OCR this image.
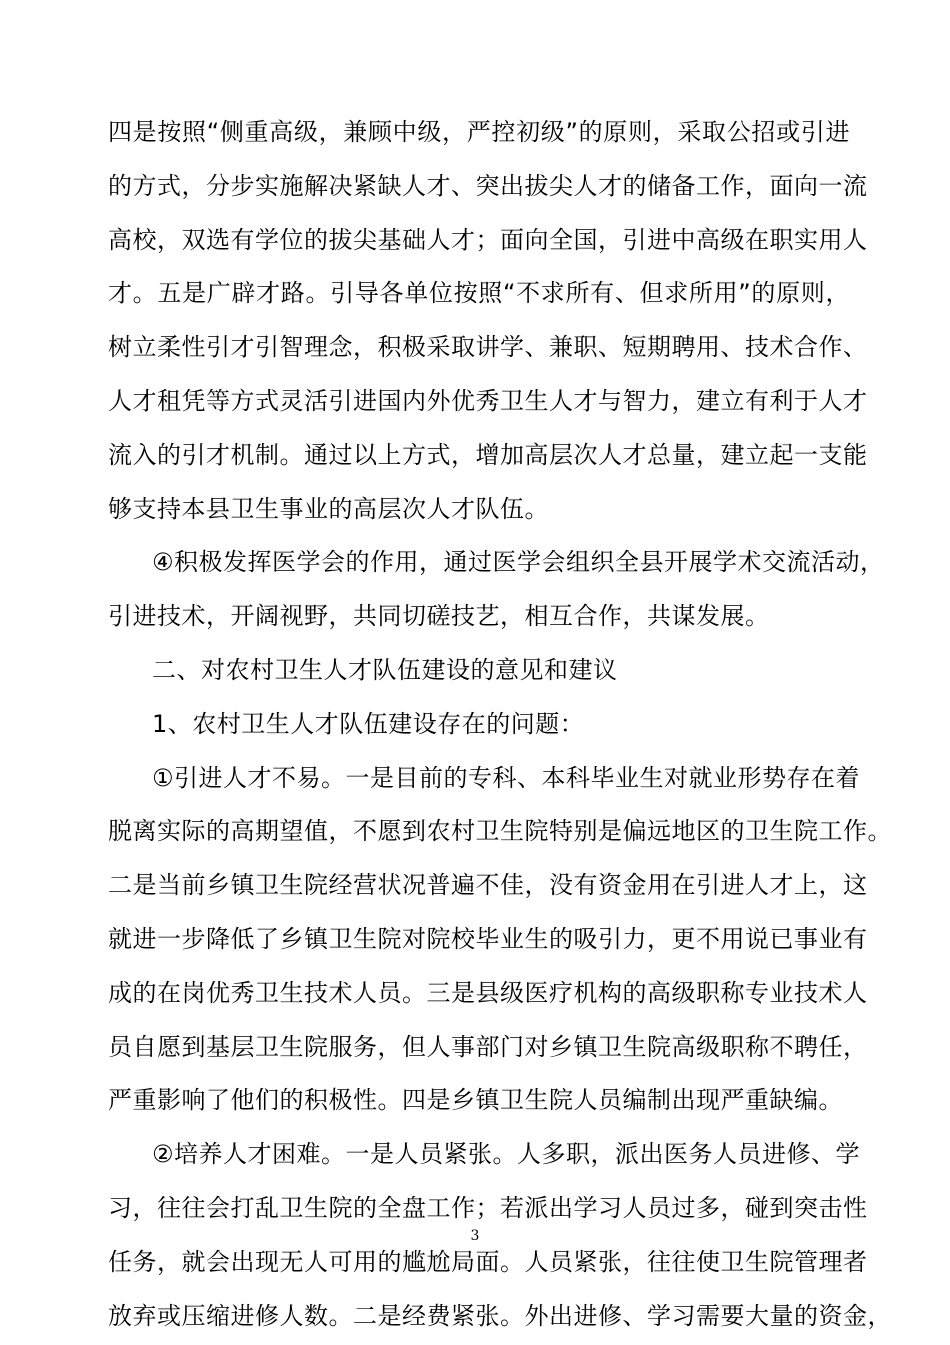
四是按照“侧重高级，兼顾中级，严控初级”的原则，采取公招或引进
的方式，分步实施解决紧缺人才、突出拔尖人才的储备工作，面向一流
高校，双选有学位的拔尖基础人才；面向全国，引进中高级在职实用人
才。五是广辟才路。引导各单位按照“不求所有、但求所用”的原则，
树立柔性引才引智理念，积极采取讲学、兼职、短期聘用、技术合作、
人才租凭等方式灵活引进国内外优秀卫生人才与智力，建立有利于人才
流入的引才机制。通过以上方式，增加高层次人才总量，建立起一支能
够支持本县卫生事业的高层次人才队伍。
④积极发挥医学会的作用，通过医学会组织全县开展学术交流活动，
引进技术，开阔视野，共同切磋技艺，相互合作，共谋发展。
二、对农村卫生人才队伍建设的意见和建议
1、农村卫生人才队伍建设存在的问题：
①引进人才不易。一是目前的专科、本科毕业生对就业形势存在着
脱离实际的高期望值，不愿到农村卫生院特别是偏远地区的卫生院工作。
二是当前乡镇卫生院经营状况普遍不佳，没有资金用在引进人才上，这
就进一步降低了乡镇卫生院对院校毕业生的吸引力，更不用说已事业有
成的在岗优秀卫生技术人员。三是县级医疗机构的高级职称专业技术人
员自愿到基层卫生院服务，但人事部门对乡镇卫生院高级职称不聘任，
严重影响了他们的积极性。四是乡镇卫生院人员编制出现严重缺编。
②培养人才困难。一是人员紧张。人多职，派出医务人员进修、学
习，往往会打乱卫生院的全盘工作；若派出学习人员过多，碰到突击性
任务，就会出现无人可用的尴尬局面。人员紧张，往往使卫生院管理者
放弃或压缩进修人数。二是经费紧张。外出进修、学习需要大量的资金，
3
